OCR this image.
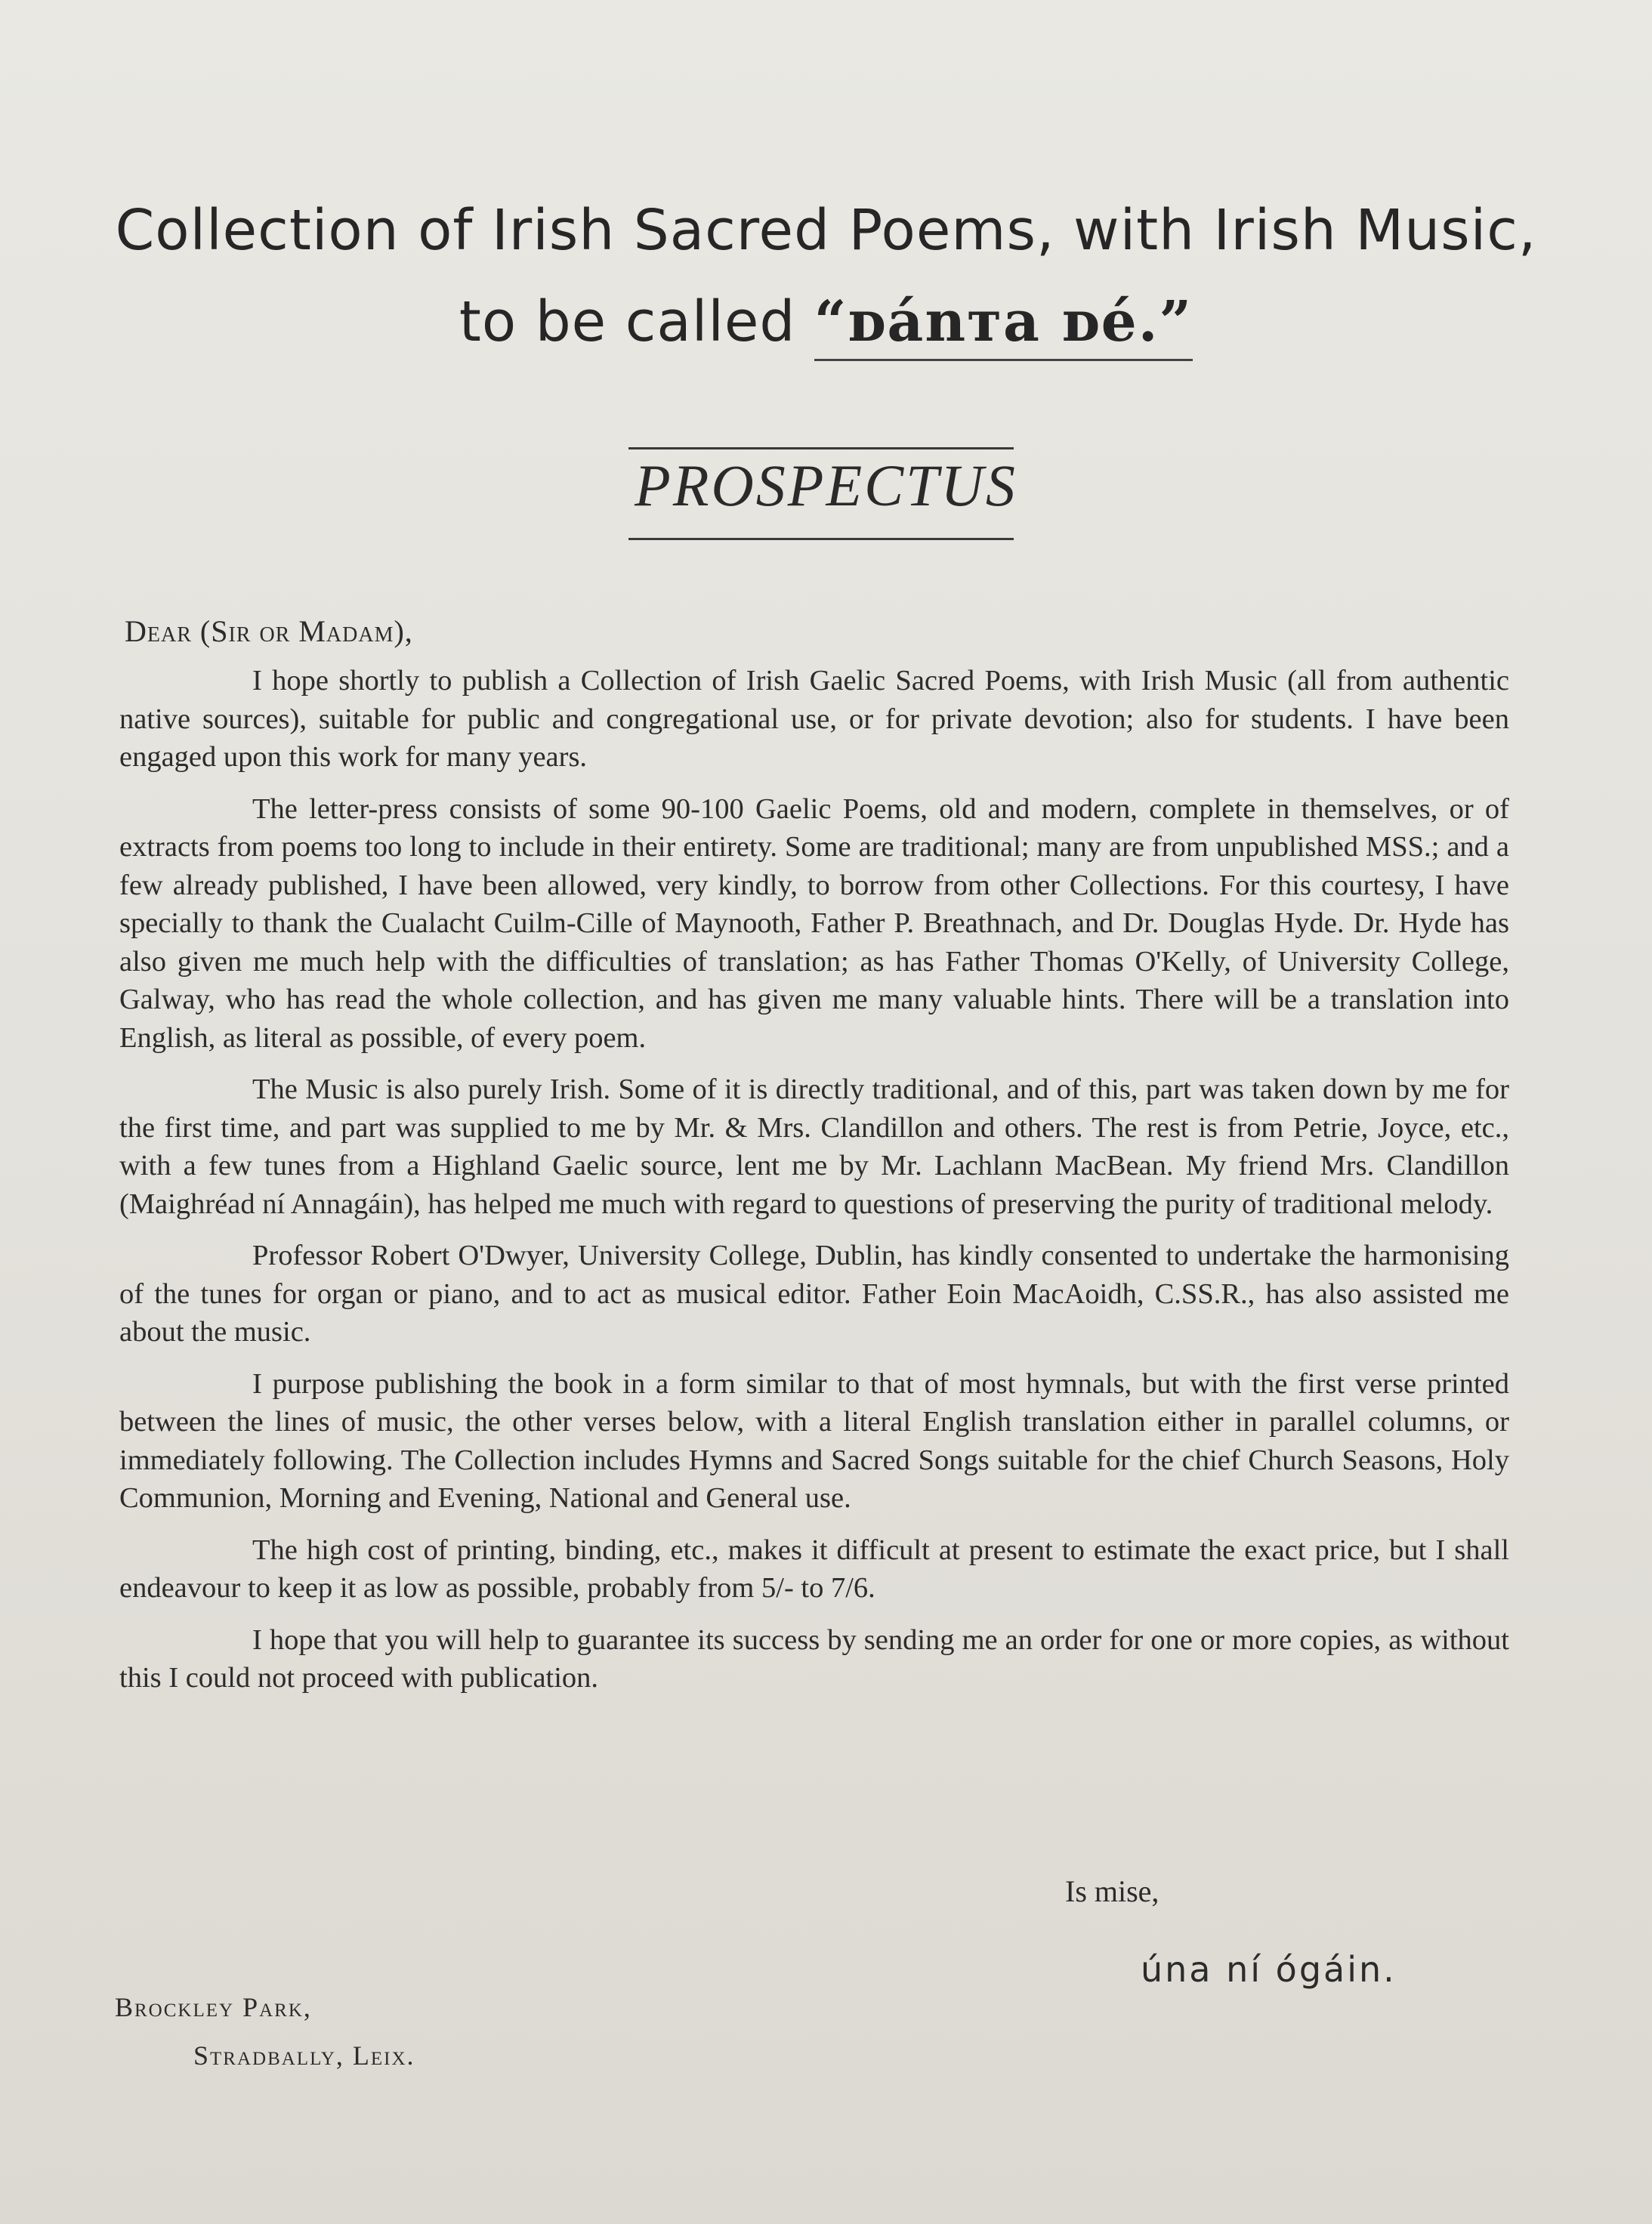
Collection of Irish Sacred Poems, with Irish Music,
to be called “ᴅánᴛa ᴅé.”
PROSPECTUS
Dear (Sir or Madam),

I hope shortly to publish a Collection of Irish Gaelic Sacred Poems, with Irish Music (all from authentic native sources), suitable for public and congregational use, or for private devotion; also for students. I have been engaged upon this work for many years.

The letter-press consists of some 90-100 Gaelic Poems, old and modern, complete in themselves, or of extracts from poems too long to include in their entirety. Some are traditional; many are from unpublished MSS.; and a few already published, I have been allowed, very kindly, to borrow from other Collections. For this courtesy, I have specially to thank the Cualacht Cuilm-Cille of Maynooth, Father P. Breathnach, and Dr. Douglas Hyde. Dr. Hyde has also given me much help with the difficulties of translation; as has Father Thomas O'Kelly, of University College, Galway, who has read the whole collection, and has given me many valuable hints. There will be a translation into English, as literal as possible, of every poem.

The Music is also purely Irish. Some of it is directly traditional, and of this, part was taken down by me for the first time, and part was supplied to me by Mr. & Mrs. Clandillon and others. The rest is from Petrie, Joyce, etc., with a few tunes from a Highland Gaelic source, lent me by Mr. Lachlann MacBean. My friend Mrs. Clandillon (Maighréad ní Annagáin), has helped me much with regard to questions of preserving the purity of traditional melody.

Professor Robert O'Dwyer, University College, Dublin, has kindly consented to undertake the harmonising of the tunes for organ or piano, and to act as musical editor. Father Eoin MacAoidh, C.SS.R., has also assisted me about the music.

I purpose publishing the book in a form similar to that of most hymnals, but with the first verse printed between the lines of music, the other verses below, with a literal English translation either in parallel columns, or immediately following. The Collection includes Hymns and Sacred Songs suitable for the chief Church Seasons, Holy Communion, Morning and Evening, National and General use.

The high cost of printing, binding, etc., makes it difficult at present to estimate the exact price, but I shall endeavour to keep it as low as possible, probably from 5/- to 7/6.

I hope that you will help to guarantee its success by sending me an order for one or more copies, as without this I could not proceed with publication.

Is mise,
úna ní ógáin.
Brockley Park,
Stradbally, Leix.
